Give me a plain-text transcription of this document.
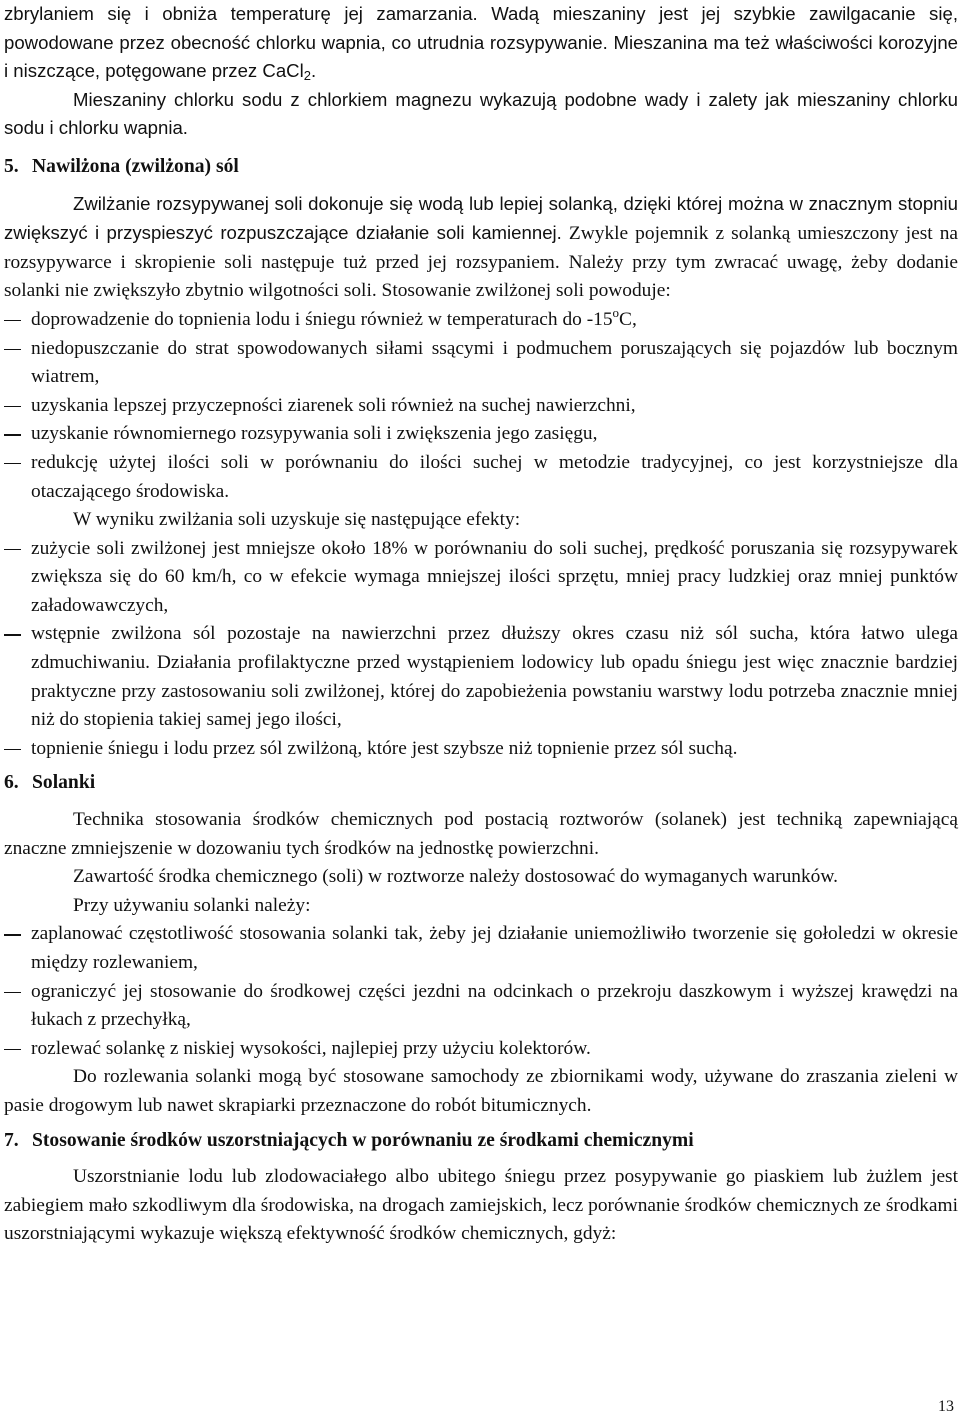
zbrylaniem się i obniża temperaturę jej zamarzania. Wadą mieszaniny jest jej szybkie zawilgacanie się, powodowane przez obecność chlorku wapnia, co utrudnia rozsypywanie. Mieszanina ma też właściwości korozyjne i niszczące, potęgowane przez CaCl$_2$.

Mieszaniny chlorku sodu z chlorkiem magnezu wykazują podobne wady i zalety jak mieszaniny chlorku sodu i chlorku wapnia.

5. Nawilżona (zwilżona) sól

Zwilżanie rozsypywanej soli dokonuje się wodą lub lepiej solanką, dzięki której można w znacznym stopniu zwiększyć i przyspieszyć rozpuszczające działanie soli kamiennej. Zwykle pojemnik z solanką umieszczony jest na rozsypywarce i skropienie soli następuje tuż przed jej rozsypaniem. Należy przy tym zwracać uwagę, żeby dodanie solanki nie zwiększyło zbytnio wilgotności soli. Stosowanie zwilżonej soli powoduje:

doprowadzenie do topnienia lodu i śniegu również w temperaturach do -15$^o$C,
niedopuszczanie do strat spowodowanych siłami ssącymi i podmuchem poruszających się pojazdów lub bocznym wiatrem,
uzyskania lepszej przyczepności ziarenek soli również na suchej nawierzchni,
uzyskanie równomiernego rozsypywania soli i zwiększenia jego zasięgu,
redukcję użytej ilości soli w porównaniu do ilości suchej w metodzie tradycyjnej, co jest korzystniejsze dla otaczającego środowiska.

W wyniku zwilżania soli uzyskuje się następujące efekty:

zużycie soli zwilżonej jest mniejsze około 18% w porównaniu do soli suchej, prędkość poruszania się rozsypywarek zwiększa się do 60 km/h, co w efekcie wymaga mniejszej ilości sprzętu, mniej pracy ludzkiej oraz mniej punktów załadowawczych,
wstępnie zwilżona sól pozostaje na nawierzchni przez dłuższy okres czasu niż sól sucha, która łatwo ulega zdmuchiwaniu. Działania profilaktyczne przed wystąpieniem lodowicy lub opadu śniegu jest więc znacznie bardziej praktyczne przy zastosowaniu soli zwilżonej, której do zapobieżenia powstaniu warstwy lodu potrzeba znacznie mniej niż do stopienia takiej samej jego ilości,
topnienie śniegu i lodu przez sól zwilżoną, które jest szybsze niż topnienie przez sól suchą.
6. Solanki

Technika stosowania środków chemicznych pod postacią roztworów (solanek) jest techniką zapewniającą znaczne zmniejszenie w dozowaniu tych środków na jednostkę powierzchni.

Zawartość środka chemicznego (soli) w roztworze należy dostosować do wymaganych warunków.

Przy używaniu solanki należy:

zaplanować częstotliwość stosowania solanki tak, żeby jej działanie uniemożliwiło tworzenie się gołoledzi w okresie między rozlewaniem,
ograniczyć jej stosowanie do środkowej części jezdni na odcinkach o przekroju daszkowym i wyższej krawędzi na łukach z przechyłką,
rozlewać solankę z niskiej wysokości, najlepiej przy użyciu kolektorów.

Do rozlewania solanki mogą być stosowane samochody ze zbiornikami wody, używane do zraszania zieleni w pasie drogowym lub nawet skrapiarki przeznaczone do robót bitumicznych.

7. Stosowanie środków uszorstniających w porównaniu ze środkami chemicznymi

Uszorstnianie lodu lub zlodowaciałego albo ubitego śniegu przez posypywanie go piaskiem lub żużlem jest zabiegiem mało szkodliwym dla środowiska, na drogach zamiejskich, lecz porównanie środków chemicznych ze środkami uszorstniającymi wykazuje większą efektywność środków chemicznych, gdyż:

13
